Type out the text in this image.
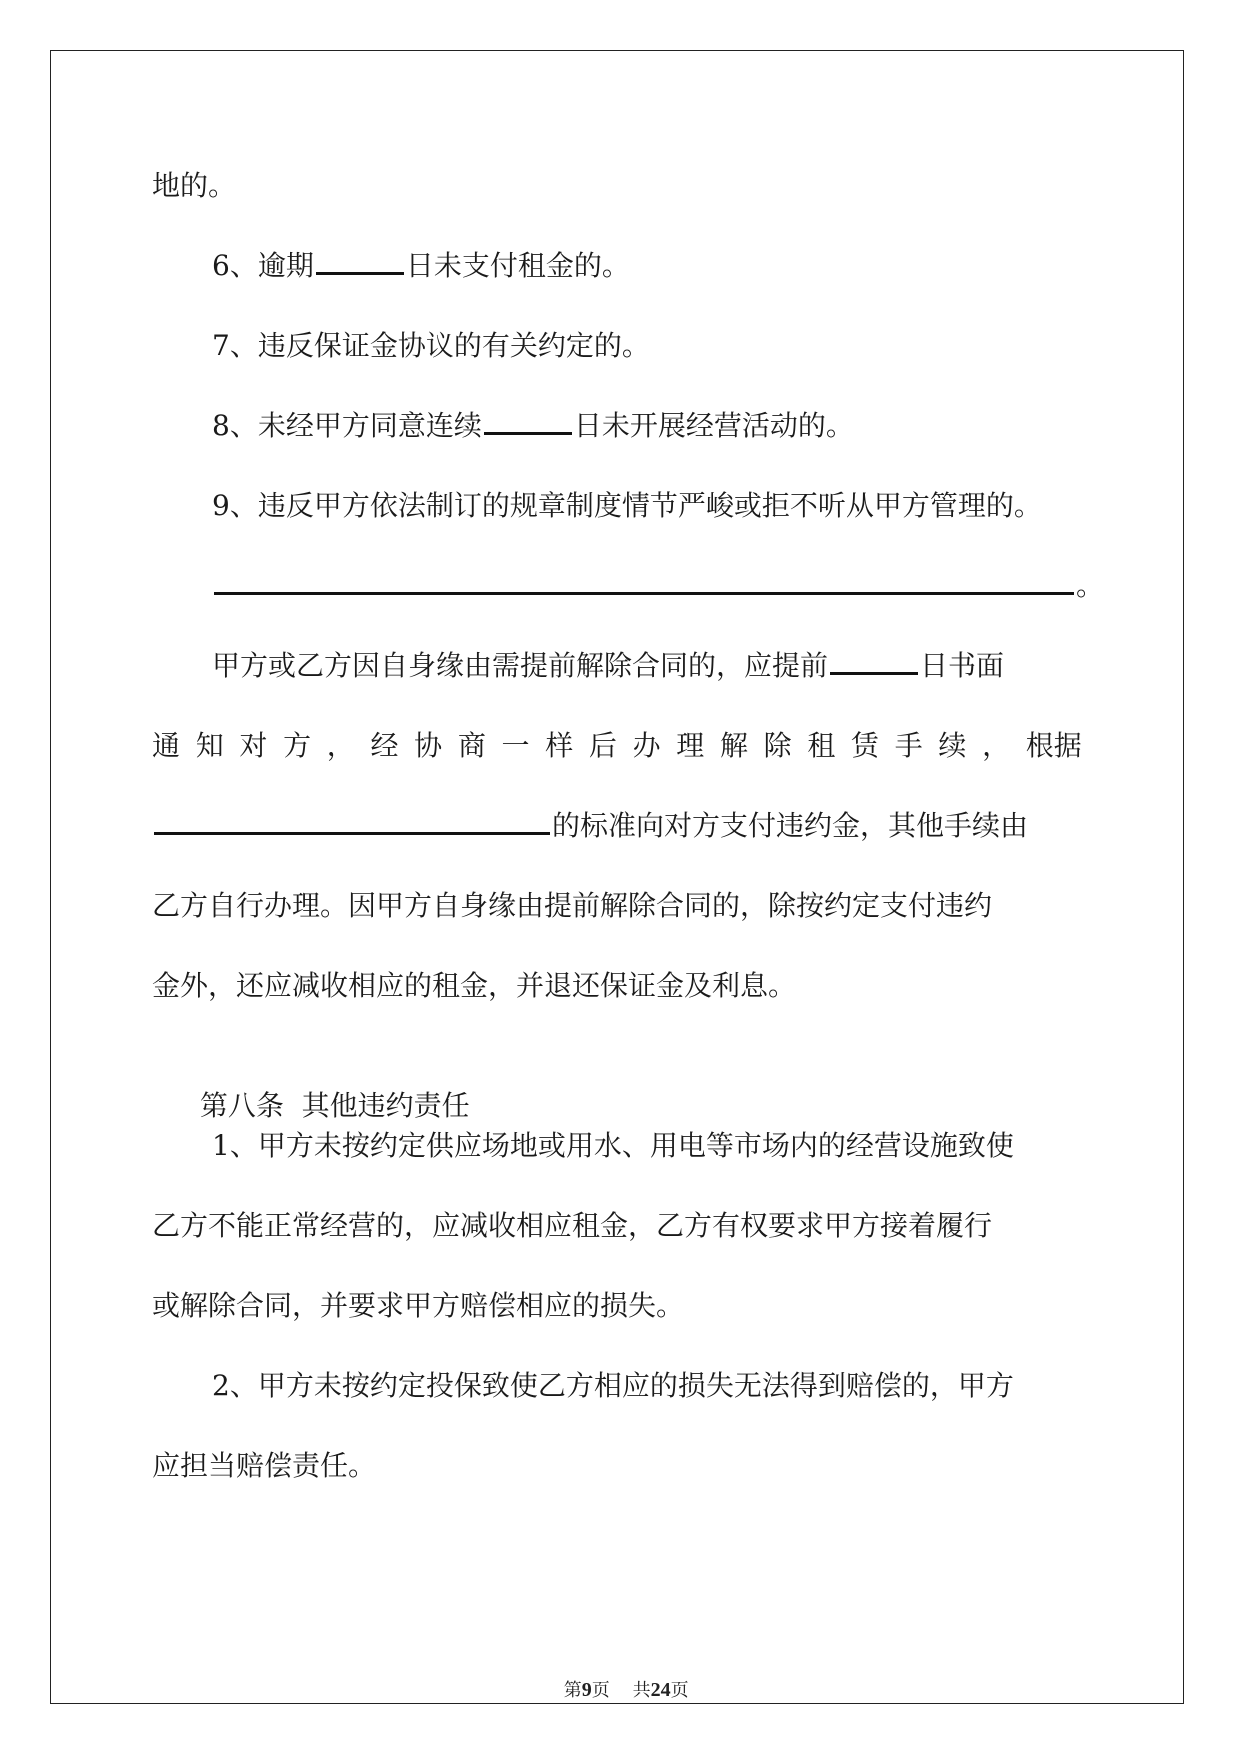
地的。
6、逾期	日未支付租金的。
7、违反保证金协议的有关约定的。
8、未经甲方同意连续	日未开展经营活动的。
9、违反甲方依法制订的规章制度情节严峻或拒不听从甲方管理的。
。
甲方或乙方因自身缘由需提前解除合同的，应提前	日书面
通 知 对 方 ， 经 协 商 一 样 后 办 理 解 除 租 赁 手 续 ， 根据
的标准向对方支付违约金，其他手续由
乙方自行办理。因甲方自身缘由提前解除合同的，除按约定支付违约
金外，还应减收相应的租金，并退还保证金及利息。

第八条  其他违约责任

1、甲方未按约定供应场地或用水、用电等市场内的经营设施致使
乙方不能正常经营的，应减收相应租金，乙方有权要求甲方接着履行
或解除合同，并要求甲方赔偿相应的损失。
2、甲方未按约定投保致使乙方相应的损失无法得到赔偿的，甲方
应担当赔偿责任。

第9页    共24页
